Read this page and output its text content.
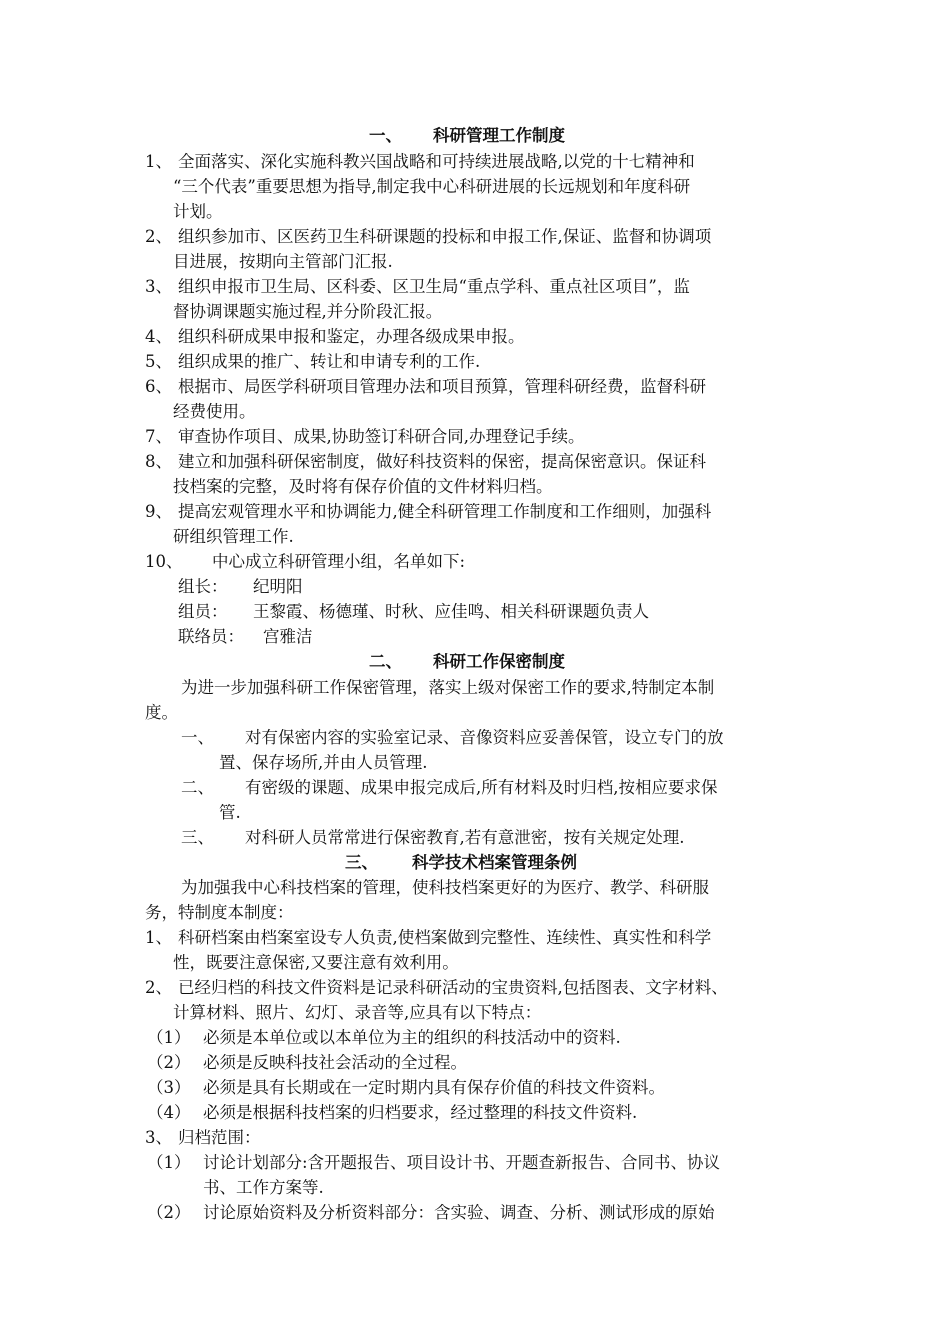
一、 科研管理工作制度
1、 全面落实、深化实施科教兴国战略和可持续进展战略,以党的十七精神和
“三个代表”重要思想为指导,制定我中心科研进展的长远规划和年度科研
计划。
2、 组织参加市、区医药卫生科研课题的投标和申报工作,保证、监督和协调项
目进展，按期向主管部门汇报.
3、 组织申报市卫生局、区科委、区卫生局“重点学科、重点社区项目”，监
督协调课题实施过程,并分阶段汇报。
4、 组织科研成果申报和鉴定，办理各级成果申报。
5、 组织成果的推广、转让和申请专利的工作.
6、 根据市、局医学科研项目管理办法和项目预算，管理科研经费，监督科研
经费使用。
7、 审查协作项目、成果,协助签订科研合同,办理登记手续。
8、 建立和加强科研保密制度，做好科技资料的保密，提高保密意识。保证科
技档案的完整，及时将有保存价值的文件材料归档。
9、 提高宏观管理水平和协调能力,健全科研管理工作制度和工作细则，加强科
研组织管理工作.
10、 中心成立科研管理小组，名单如下:
组长： 纪明阳
组员： 王黎霞、杨德瑾、时秋、应佳鸣、相关科研课题负责人
联络员： 宫雅洁
二、 科研工作保密制度
为进一步加强科研工作保密管理，落实上级对保密工作的要求,特制定本制
度。
一、 对有保密内容的实验室记录、音像资料应妥善保管，设立专门的放
置、保存场所,并由人员管理.
二、 有密级的课题、成果申报完成后,所有材料及时归档,按相应要求保
管.
三、 对科研人员常常进行保密教育,若有意泄密，按有关规定处理.
三、 科学技术档案管理条例
为加强我中心科技档案的管理，使科技档案更好的为医疗、教学、科研服
务，特制度本制度：
1、 科研档案由档案室设专人负责,使档案做到完整性、连续性、真实性和科学
性，既要注意保密,又要注意有效利用。
2、 已经归档的科技文件资料是记录科研活动的宝贵资料,包括图表、文字材料、
计算材料、照片、幻灯、录音等,应具有以下特点：
（1） 必须是本单位或以本单位为主的组织的科技活动中的资料.
（2） 必须是反映科技社会活动的全过程。
（3） 必须是具有长期或在一定时期内具有保存价值的科技文件资料。
（4） 必须是根据科技档案的归档要求，经过整理的科技文件资料.
3、 归档范围：
（1） 讨论计划部分:含开题报告、项目设计书、开题查新报告、合同书、协议
书、工作方案等.
（2） 讨论原始资料及分析资料部分：含实验、调查、分析、测试形成的原始
